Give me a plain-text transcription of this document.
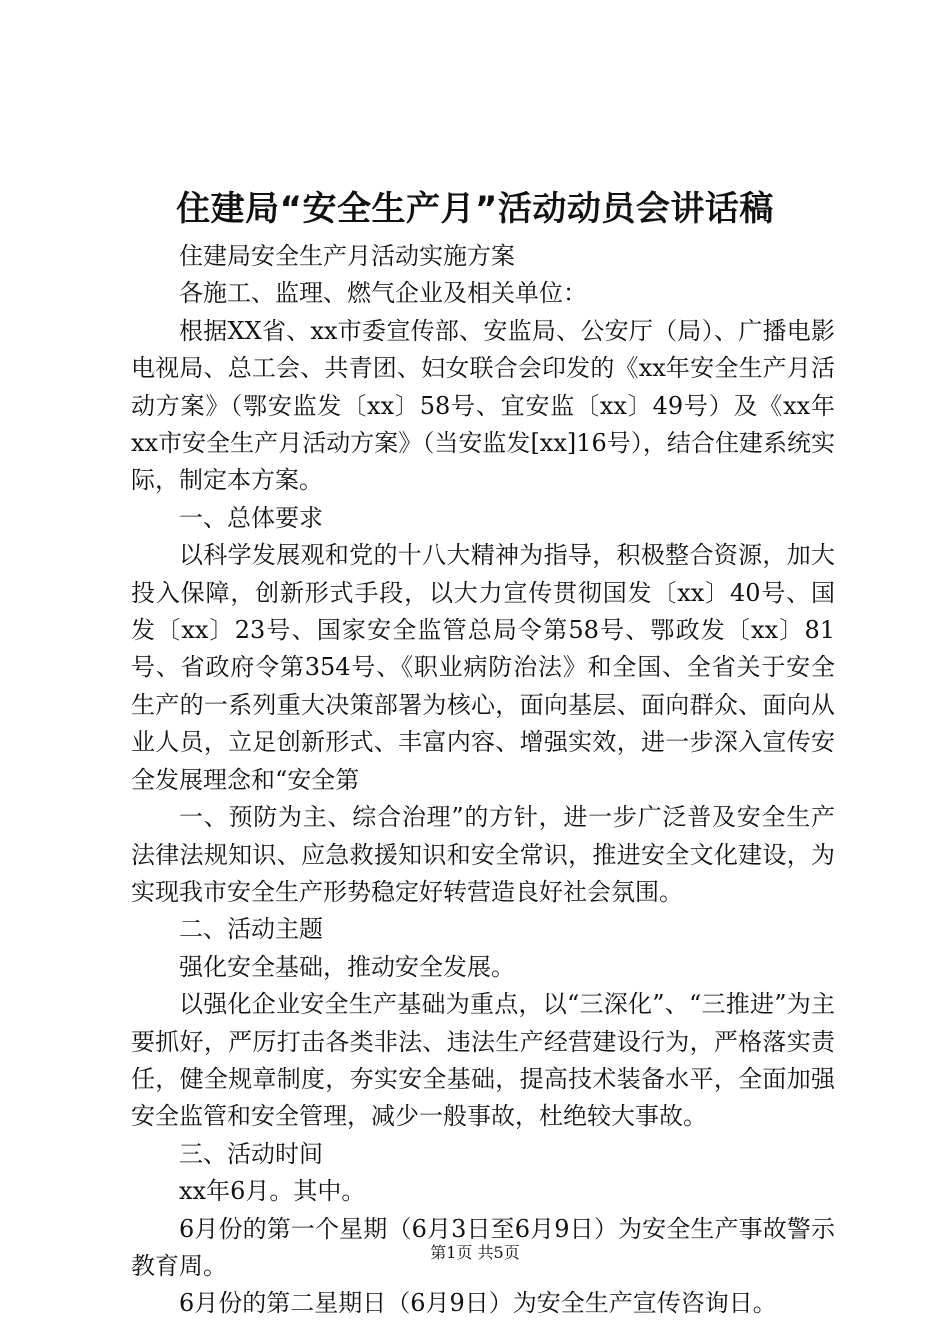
住建局“安全生产月”活动动员会讲话稿

住建局安全生产月活动实施方案

各施工、监理、燃气企业及相关单位：

根据XX省、xx市委宣传部、安监局、公安厅（局）、广播电影电视局、总工会、共青团、妇女联合会印发的《xx年安全生产月活动方案》（鄂安监发〔xx〕58号、宜安监〔xx〕49号）及《xx年xx市安全生产月活动方案》（当安监发[xx]16号），结合住建系统实际，制定本方案。

一、总体要求

以科学发展观和党的十八大精神为指导，积极整合资源，加大投入保障，创新形式手段，以大力宣传贯彻国发〔xx〕40号、国发〔xx〕23号、国家安全监管总局令第58号、鄂政发〔xx〕81号、省政府令第354号、《职业病防治法》和全国、全省关于安全生产的一系列重大决策部署为核心，面向基层、面向群众、面向从业人员，立足创新形式、丰富内容、增强实效，进一步深入宣传安全发展理念和“安全第

一、预防为主、综合治理”的方针，进一步广泛普及安全生产法律法规知识、应急救援知识和安全常识，推进安全文化建设，为实现我市安全生产形势稳定好转营造良好社会氛围。

二、活动主题

强化安全基础，推动安全发展。

以强化企业安全生产基础为重点，以“三深化”、“三推进”为主要抓好，严厉打击各类非法、违法生产经营建设行为，严格落实责任，健全规章制度，夯实安全基础，提高技术装备水平，全面加强安全监管和安全管理，减少一般事故，杜绝较大事故。

三、活动时间

xx年6月。其中。

6月份的第一个星期（6月3日至6月9日）为安全生产事故警示教育周。

6月份的第二星期日（6月9日）为安全生产宣传咨询日。

第1页 共5页
